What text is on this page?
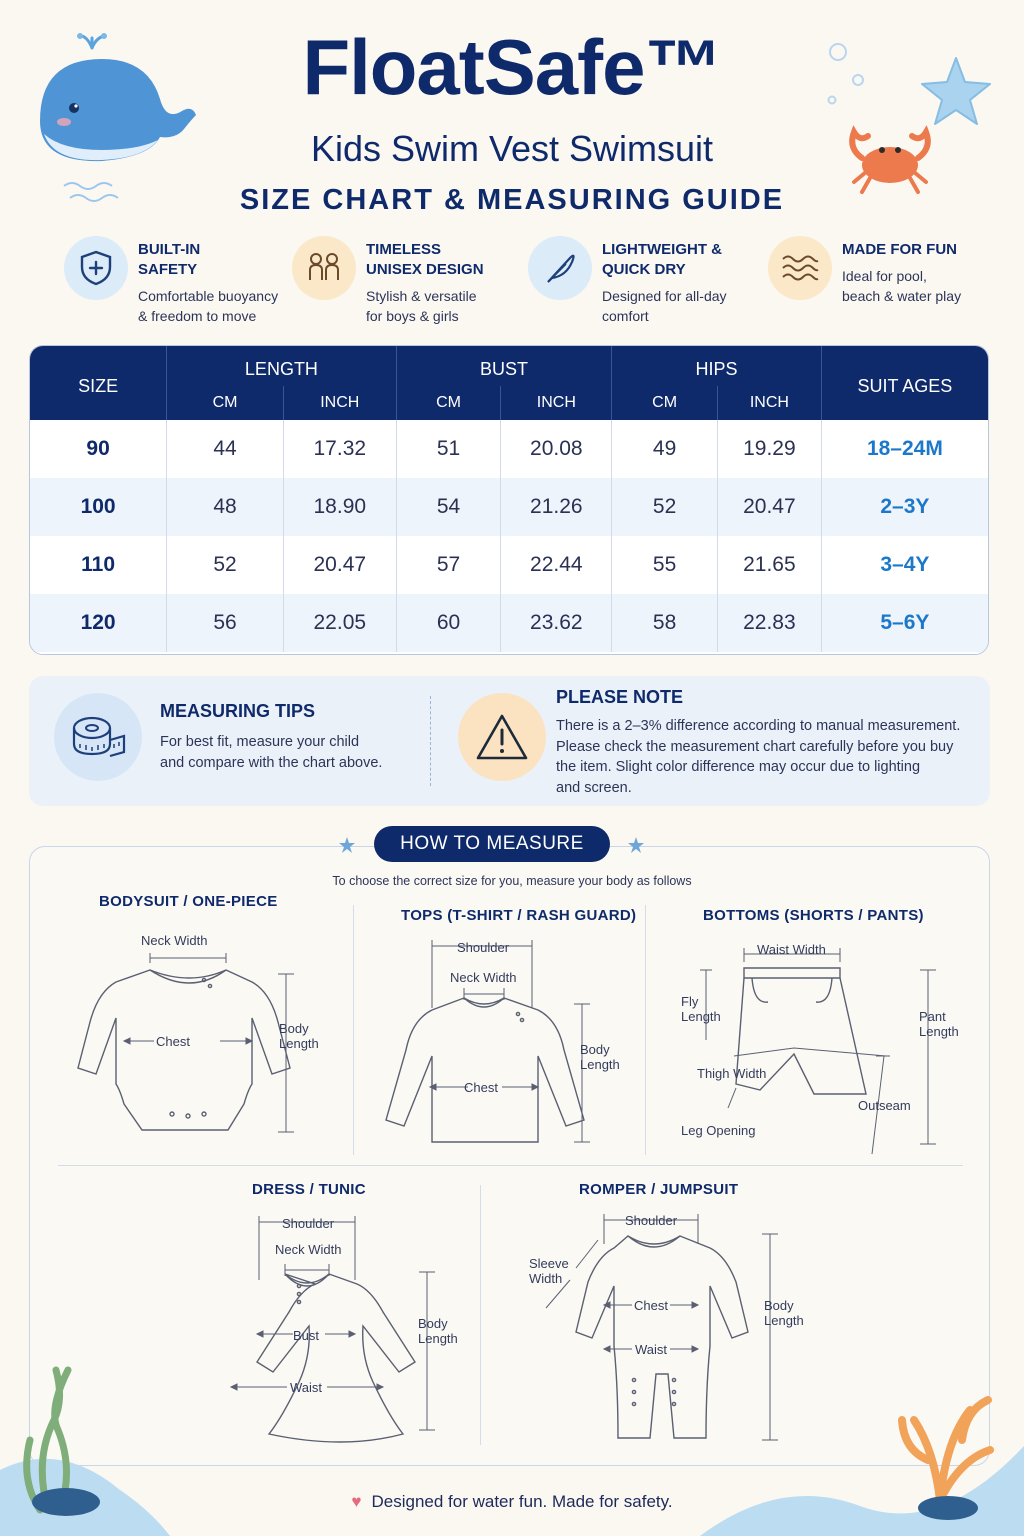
FloatSafe™
Kids Swim Vest Swimsuit
SIZE CHART & MEASURING GUIDE
BUILT-IN
SAFETY
Comfortable buoyancy
& freedom to move
TIMELESS
UNISEX DESIGN
Stylish & versatile
for boys & girls
LIGHTWEIGHT &
QUICK DRY
Designed for all-day
comfort
MADE FOR FUN
Ideal for pool,
beach & water play
SIZE	LENGTH		BUST		HIPS		SUIT AGES
	CM	INCH	CM	INCH	CM	INCH	
90	44	17.32	51	20.08	49	19.29	18–24M
100	48	18.90	54	21.26	52	20.47	2–3Y
110	52	20.47	57	22.44	55	21.65	3–4Y
120	56	22.05	60	23.62	58	22.83	5–6Y
MEASURING TIPS
For best fit, measure your child
and compare with the chart above.
PLEASE NOTE
There is a 2–3% difference according to manual measurement.
Please check the measurement chart carefully before you buy
the item. Slight color difference may occur due to lighting
and screen.
HOW TO MEASURE
To choose the correct size for you, measure your body as follows
BODYSUIT / ONE-PIECE
Neck Width
Chest
Body
Length
TOPS (T-SHIRT / RASH GUARD)
Shoulder
Neck Width
Chest
Body
Length
BOTTOMS (SHORTS / PANTS)
Waist Width
Fly
Length	Pant
Length
Thigh Width
Outseam
Leg Opening
DRESS / TUNIC
Shoulder
Neck Width
Bust
Waist
Body
Length
ROMPER / JUMPSUIT
Shoulder
Sleeve
Width
Chest
Waist
Body
Length
♥ Designed for water fun. Made for safety.
